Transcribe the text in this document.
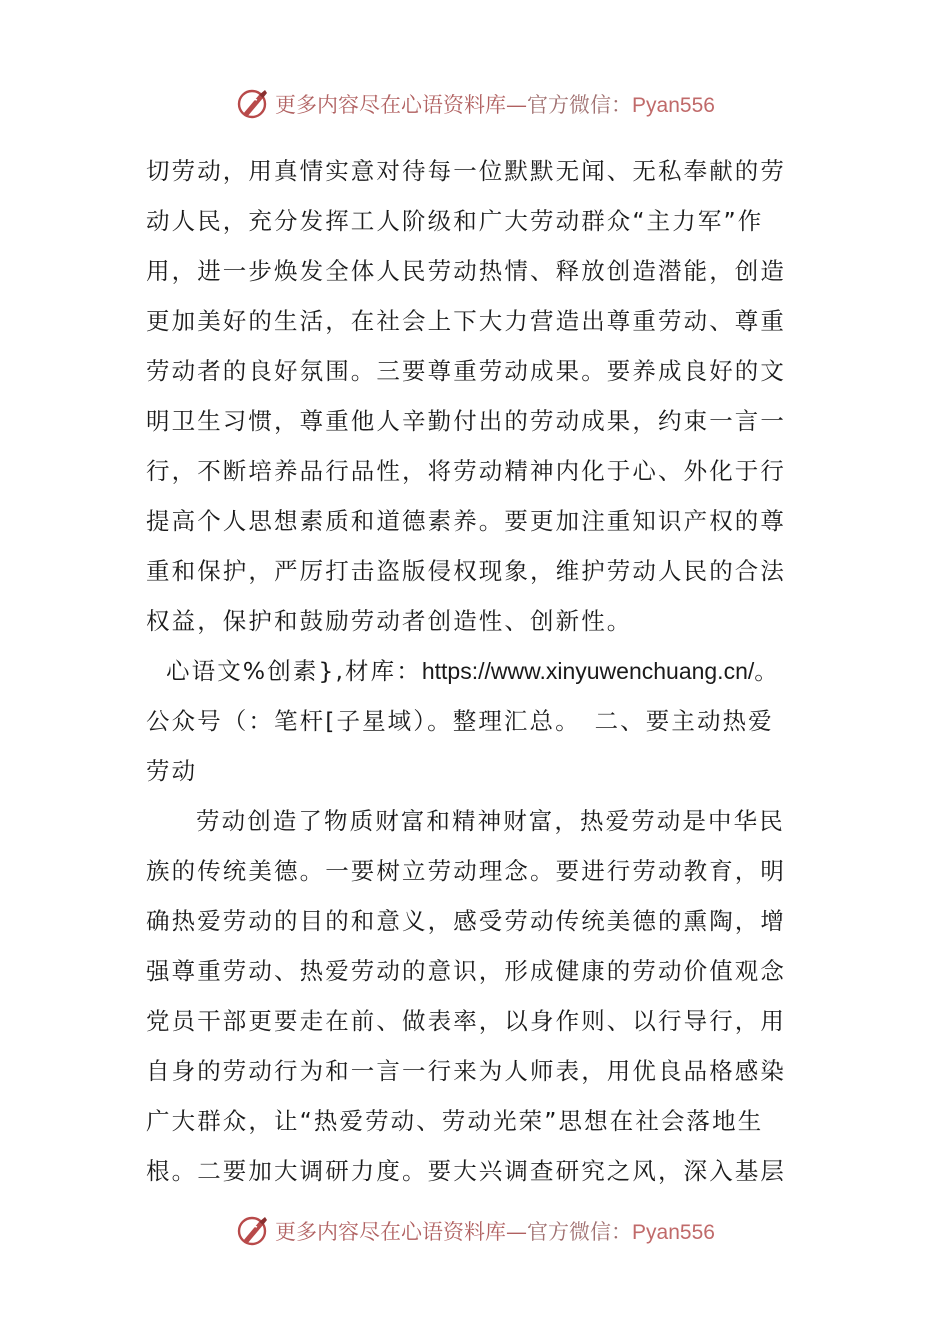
更多内容尽在心语资料库—官方微信：Pyan556
切劳动，用真情实意对待每一位默默无闻、无私奉献的劳
动人民，充分发挥工人阶级和广大劳动群众“主力军”作
用，进一步焕发全体人民劳动热情、释放创造潜能，创造
更加美好的生活，在社会上下大力营造出尊重劳动、尊重
劳动者的良好氛围。三要尊重劳动成果。要养成良好的文
明卫生习惯，尊重他人辛勤付出的劳动成果，约束一言一
行，不断培养品行品性，将劳动精神内化于心、外化于行
提高个人思想素质和道德素养。要更加注重知识产权的尊
重和保护，严厉打击盗版侵权现象，维护劳动人民的合法
权益，保护和鼓励劳动者创造性、创新性。
心语文%创素},材库：https://www.xinyuwenchuang.cn/。
公众号（：笔杆[子星域）。整理汇总。　二、要主动热爱
劳动
劳动创造了物质财富和精神财富，热爱劳动是中华民
族的传统美德。一要树立劳动理念。要进行劳动教育，明
确热爱劳动的目的和意义，感受劳动传统美德的熏陶，增
强尊重劳动、热爱劳动的意识，形成健康的劳动价值观念
党员干部更要走在前、做表率，以身作则、以行导行，用
自身的劳动行为和一言一行来为人师表，用优良品格感染
广大群众，让“热爱劳动、劳动光荣”思想在社会落地生
根。二要加大调研力度。要大兴调查研究之风，深入基层
更多内容尽在心语资料库—官方微信：Pyan556
